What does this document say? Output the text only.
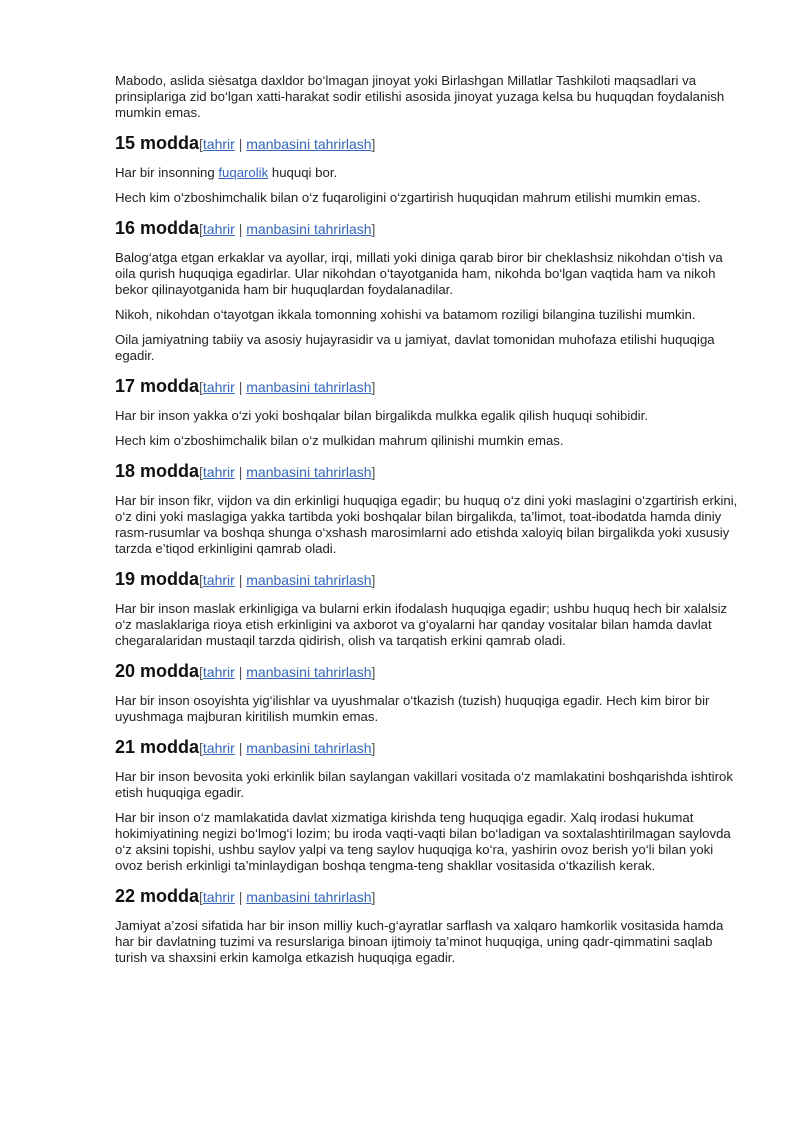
Mabodo, aslida siėsatga daxldor bo‘lmagan jinoyat yoki Birlashgan Millatlar Tashkiloti maqsadlari va prinsiplariga zid bo‘lgan xatti-harakat sodir etilishi asosida jinoyat yuzaga kelsa bu huquqdan foydalanish mumkin emas.

15 modda[tahrir | manbasini tahrirlash]

Har bir insonning fuqarolik huquqi bor.

Hech kim o‘zboshimchalik bilan o‘z fuqaroligini o‘zgartirish huquqidan mahrum etilishi mumkin emas.

16 modda[tahrir | manbasini tahrirlash]

Balog‘atga etgan erkaklar va ayollar, irqi, millati yoki diniga qarab biror bir cheklashsiz nikohdan o‘tish va oila qurish huquqiga egadirlar. Ular nikohdan o‘tayotganida ham, nikohda bo‘lgan vaqtida ham va nikoh bekor qilinayotganida ham bir huquqlardan foydalanadilar.

Nikoh, nikohdan o‘tayotgan ikkala tomonning xohishi va batamom roziligi bilangina tuzilishi mumkin.

Oila jamiyatning tabiiy va asosiy hujayrasidir va u jamiyat, davlat tomonidan muhofaza etilishi huquqiga egadir.

17 modda[tahrir | manbasini tahrirlash]

Har bir inson yakka o‘zi yoki boshqalar bilan birgalikda mulkka egalik qilish huquqi sohibidir.

Hech kim o‘zboshimchalik bilan o‘z mulkidan mahrum qilinishi mumkin emas.

18 modda[tahrir | manbasini tahrirlash]

Har bir inson fikr, vijdon va din erkinligi huquqiga egadir; bu huquq o‘z dini yoki maslagini o‘zgartirish erkini, o‘z dini yoki maslagiga yakka tartibda yoki boshqalar bilan birgalikda, ta’limot, toat-ibodatda hamda diniy rasm-rusumlar va boshqa shunga o‘xshash marosimlarni ado etishda xaloyiq bilan birgalikda yoki xususiy tarzda e’tiqod erkinligini qamrab oladi.

19 modda[tahrir | manbasini tahrirlash]

Har bir inson maslak erkinligiga va bularni erkin ifodalash huquqiga egadir; ushbu huquq hech bir xalalsiz o‘z maslaklariga rioya etish erkinligini va axborot va g‘oyalarni har qanday vositalar bilan hamda davlat chegaralaridan mustaqil tarzda qidirish, olish va tarqatish erkini qamrab oladi.

20 modda[tahrir | manbasini tahrirlash]

Har bir inson osoyishta yig‘ilishlar va uyushmalar o‘tkazish (tuzish) huquqiga egadir. Hech kim biror bir uyushmaga majburan kiritilish mumkin emas.

21 modda[tahrir | manbasini tahrirlash]

Har bir inson bevosita yoki erkinlik bilan saylangan vakillari vositada o‘z mamlakatini boshqarishda ishtirok etish huquqiga egadir.

Har bir inson o‘z mamlakatida davlat xizmatiga kirishda teng huquqiga egadir. Xalq irodasi hukumat hokimiyatining negizi bo‘lmog‘i lozim; bu iroda vaqti-vaqti bilan bo‘ladigan va soxtalashtirilmagan saylovda o‘z aksini topishi, ushbu saylov yalpi va teng saylov huquqiga ko‘ra, yashirin ovoz berish yo‘li bilan yoki ovoz berish erkinligi ta’minlaydigan boshqa tengma-teng shakllar vositasida o‘tkazilish kerak.

22 modda[tahrir | manbasini tahrirlash]

Jamiyat a’zosi sifatida har bir inson milliy kuch-g‘ayratlar sarflash va xalqaro hamkorlik vositasida hamda har bir davlatning tuzimi va resurslariga binoan ijtimoiy ta’minot huquqiga, uning qadr-qimmatini saqlab turish va shaxsini erkin kamolga etkazish huquqiga egadir.
